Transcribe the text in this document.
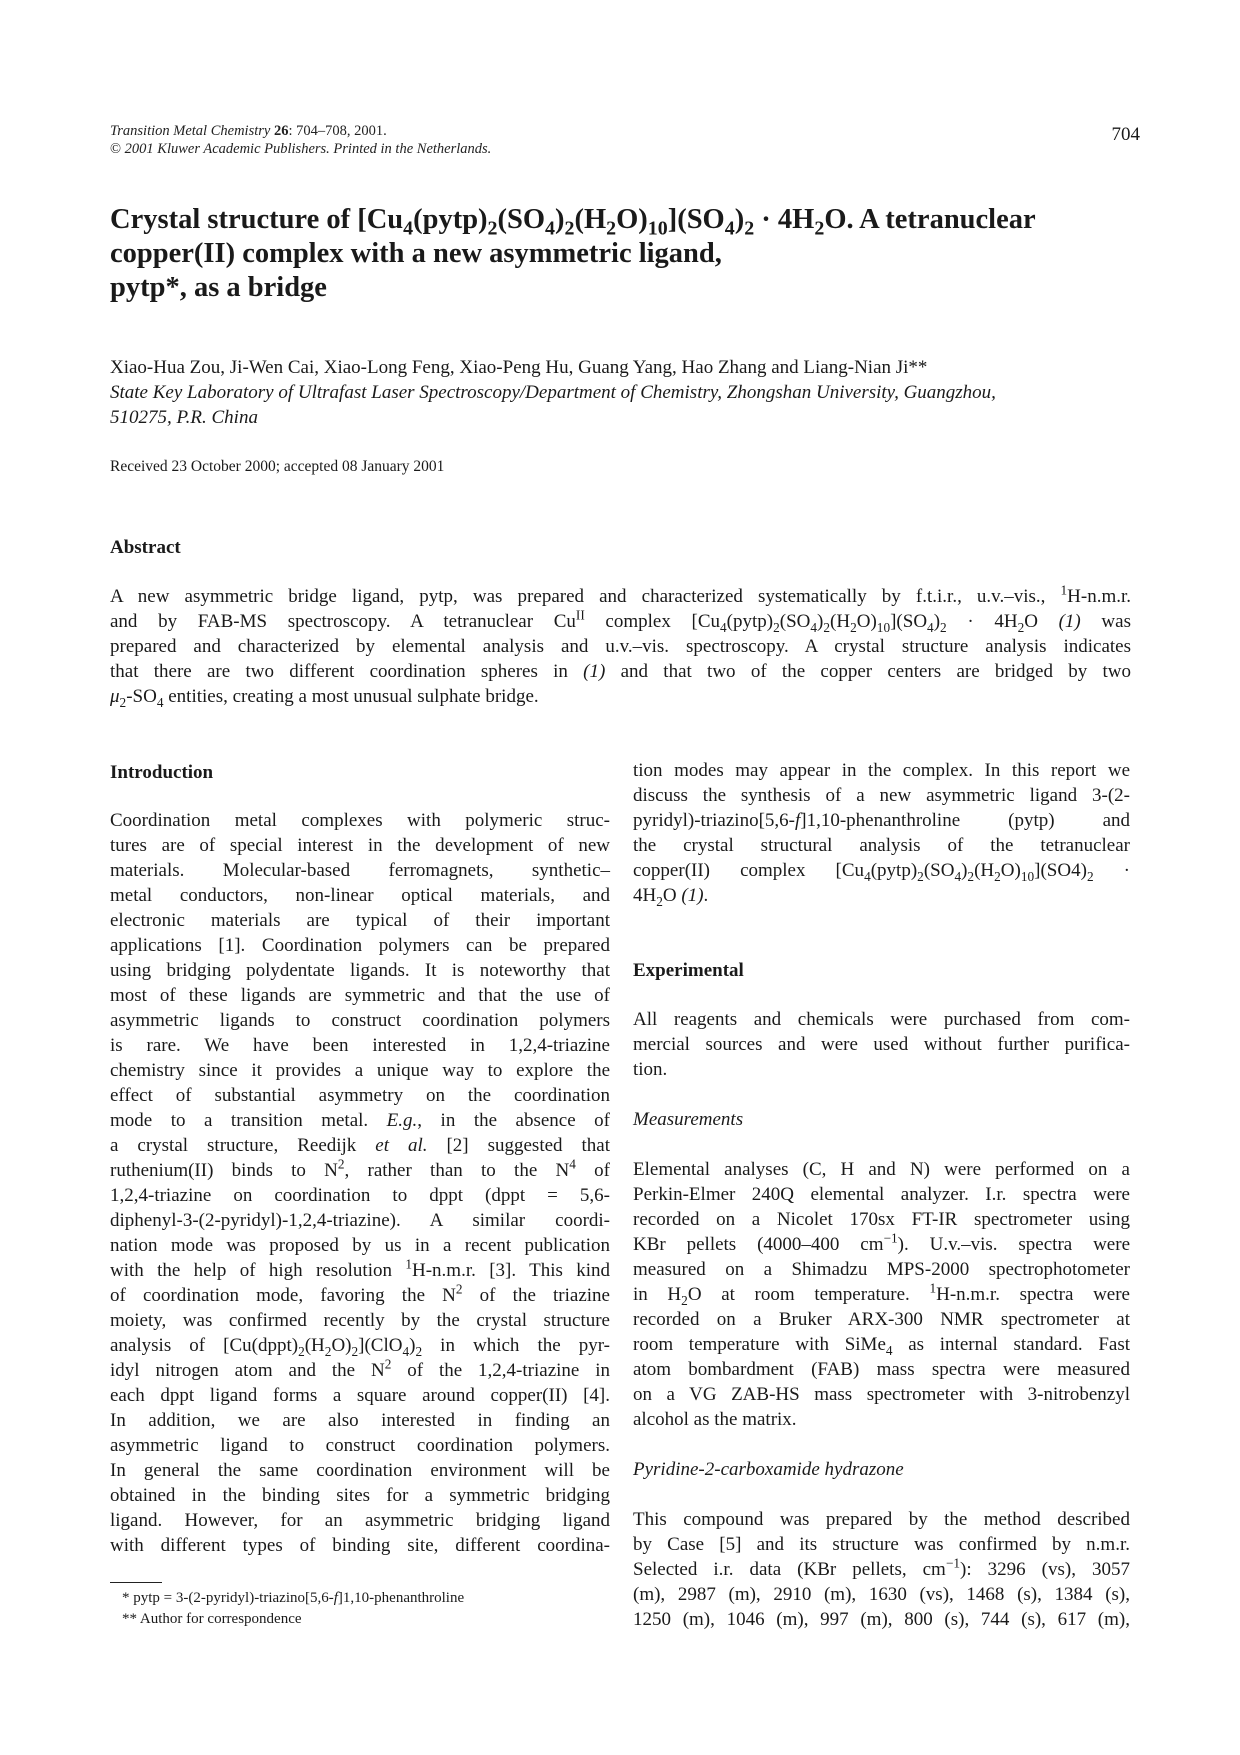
Transition Metal Chemistry 26: 704–708, 2001.
© 2001 Kluwer Academic Publishers. Printed in the Netherlands.
704
Crystal structure of $[Cu_4(pytp)_2(SO_4)_2(H_2O)_{10}](SO_4)_2 \cdot 4H_2O$. A tetranuclear
copper(II) complex with a new asymmetric ligand,
pytp*, as a bridge
Xiao-Hua Zou, Ji-Wen Cai, Xiao-Long Feng, Xiao-Peng Hu, Guang Yang, Hao Zhang and Liang-Nian Ji**
State Key Laboratory of Ultrafast Laser Spectroscopy/Department of Chemistry, Zhongshan University, Guangzhou,
510275, P.R. China
Received 23 October 2000; accepted 08 January 2001
Abstract
A new asymmetric bridge ligand, pytp, was prepared and characterized systematically by f.t.i.r., u.v.–vis., $^1$H-n.m.r.
and by FAB-MS spectroscopy. A tetranuclear $Cu^{II}$ complex $[Cu_4(pytp)_2(SO_4)_2(H_2O)_{10}](SO_4)_2 \cdot 4H_2O$ (1) was
prepared and characterized by elemental analysis and u.v.–vis. spectroscopy. A crystal structure analysis indicates
that there are two different coordination spheres in (1) and that two of the copper centers are bridged by two
$\mu_2-SO_4$ entities, creating a most unusual sulphate bridge.
Introduction
Coordination metal complexes with polymeric struc-
tures are of special interest in the development of new
materials. Molecular-based ferromagnets, synthetic–
metal conductors, non-linear optical materials, and
electronic materials are typical of their important
applications [1]. Coordination polymers can be prepared
using bridging polydentate ligands. It is noteworthy that
most of these ligands are symmetric and that the use of
asymmetric ligands to construct coordination polymers
is rare. We have been interested in 1,2,4-triazine
chemistry since it provides a unique way to explore the
effect of substantial asymmetry on the coordination
mode to a transition metal. E.g., in the absence of
a crystal structure, Reedijk et al. [2] suggested that
ruthenium(II) binds to $N^2$, rather than to the $N^4$ of
1,2,4-triazine on coordination to dppt (dppt = 5,6-
diphenyl-3-(2-pyridyl)-1,2,4-triazine). A similar coordi-
nation mode was proposed by us in a recent publication
with the help of high resolution $^1$H-n.m.r. [3]. This kind
of coordination mode, favoring the $N^2$ of the triazine
moiety, was confirmed recently by the crystal structure
analysis of $[Cu(dppt)_2(H_2O)_2](ClO_4)_2$ in which the pyr-
idyl nitrogen atom and the $N^2$ of the 1,2,4-triazine in
each dppt ligand forms a square around copper(II) [4].
In addition, we are also interested in finding an
asymmetric ligand to construct coordination polymers.
In general the same coordination environment will be
obtained in the binding sites for a symmetric bridging
ligand. However, for an asymmetric bridging ligand
with different types of binding site, different coordina-
* pytp = 3-(2-pyridyl)-triazino[5,6-f]1,10-phenanthroline
** Author for correspondence
tion modes may appear in the complex. In this report we
discuss the synthesis of a new asymmetric ligand 3-(2-
pyridyl)-triazino[5,6-f]1,10-phenanthroline (pytp) and
the crystal structural analysis of the tetranuclear
copper(II) complex $[Cu_4(pytp)_2(SO_4)_2(H_2O)_{10}](SO4)_2$ ·
$4H_2O$ (1).
Experimental
All reagents and chemicals were purchased from com-
mercial sources and were used without further purifica-
tion.
Measurements
Elemental analyses (C, H and N) were performed on a
Perkin-Elmer 240Q elemental analyzer. I.r. spectra were
recorded on a Nicolet 170sx FT-IR spectrometer using
KBr pellets (4000–400 $cm^{-1}$). U.v.–vis. spectra were
measured on a Shimadzu MPS-2000 spectrophotometer
in $H_2O$ at room temperature. $^1$H-n.m.r. spectra were
recorded on a Bruker ARX-300 NMR spectrometer at
room temperature with SiMe$_4$ as internal standard. Fast
atom bombardment (FAB) mass spectra were measured
on a VG ZAB-HS mass spectrometer with 3-nitrobenzyl
alcohol as the matrix.
Pyridine-2-carboxamide hydrazone
This compound was prepared by the method described
by Case [5] and its structure was confirmed by n.m.r.
Selected i.r. data (KBr pellets, $cm^{-1}$): 3296 (vs), 3057
(m), 2987 (m), 2910 (m), 1630 (vs), 1468 (s), 1384 (s),
1250 (m), 1046 (m), 997 (m), 800 (s), 744 (s), 617 (m),
